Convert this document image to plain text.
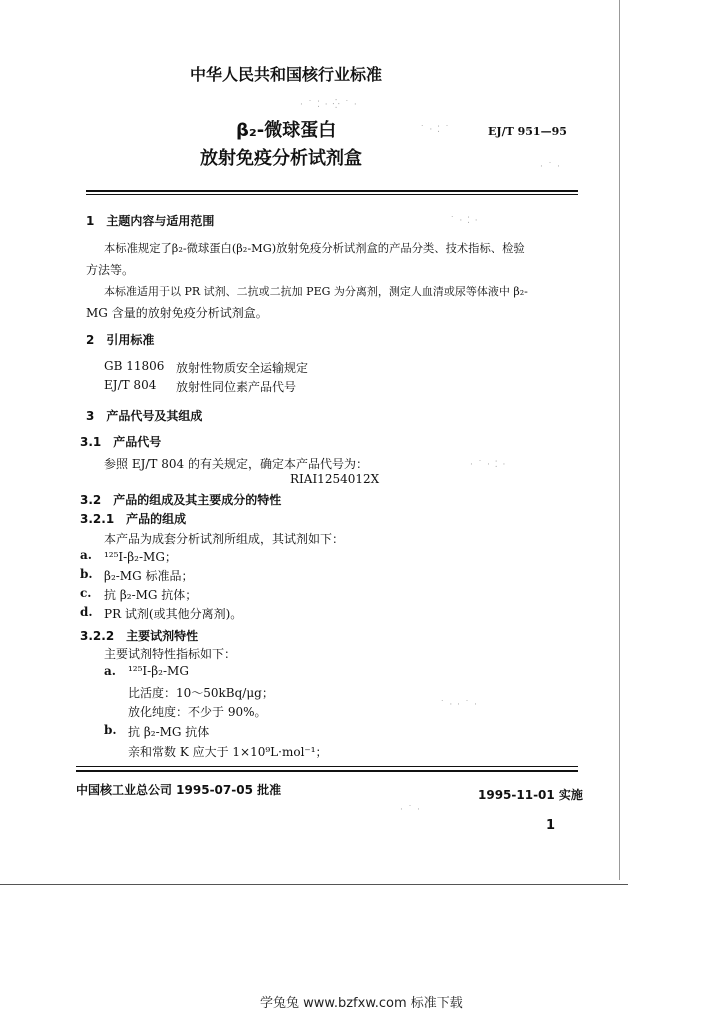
· ˙ ⁚ · ⁛ ˙ ·
˙ · ⁚ ˙
· ˙ ·
˙ · ⁚ ·
· ˙ · ⁚ ·
˙ · · ˙ ·
· ˙ ·
中华人民共和国核行业标准
β₂-微球蛋白
放射免疫分析试剂盒
EJ/T 951—95
1　主题内容与适用范围
本标准规定了β₂-微球蛋白(β₂-MG)放射免疫分析试剂盒的产品分类、技术指标、检验
方法等。
本标准适用于以 PR 试剂、二抗或二抗加 PEG 为分离剂，测定人血清或尿等体液中 β₂-
MG 含量的放射免疫分析试剂盒。
2　引用标准
GB 11806 放射性物质安全运输规定
EJ/T 804 放射性同位素产品代号
3　产品代号及其组成
3.1　产品代号
参照 EJ/T 804 的有关规定，确定本产品代号为：
RIAI1254012X
3.2　产品的组成及其主要成分的特性
3.2.1　产品的组成
本产品为成套分析试剂所组成，其试剂如下：
a. ¹²⁵I-β₂-MG；
b. β₂-MG 标准品；
c. 抗 β₂-MG 抗体；
d. PR 试剂(或其他分离剂)。
3.2.2　主要试剂特性
主要试剂特性指标如下：
a. ¹²⁵I-β₂-MG
比活度：10～50kBq/μg；
放化纯度：不少于 90%。
b. 抗 β₂-MG 抗体
亲和常数 K 应大于 1×10⁹L·mol⁻¹；
中国核工业总公司 1995-07-05 批准	1995-11-01 实施
1
学兔兔 www.bzfxw.com 标准下载
